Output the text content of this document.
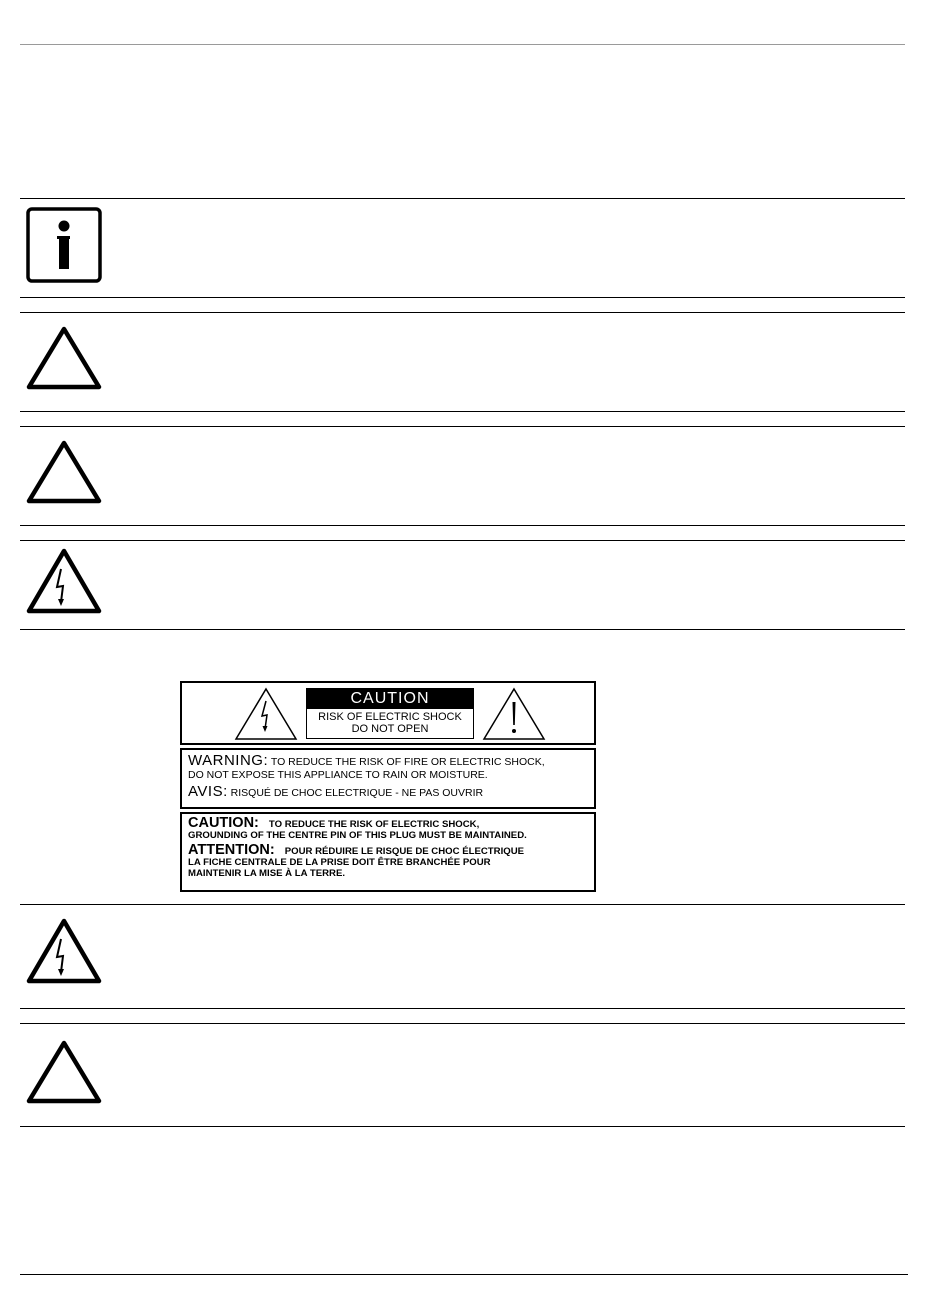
CAUTION
RISK OF ELECTRIC SHOCK
DO NOT OPEN

WARNING: TO REDUCE THE RISK OF FIRE OR ELECTRIC SHOCK,

DO NOT EXPOSE THIS APPLIANCE TO RAIN OR MOISTURE.

AVIS: RISQUÉ DE CHOC ELECTRIQUE - NE PAS OUVRIR

CAUTION: TO REDUCE THE RISK OF ELECTRIC SHOCK,

GROUNDING OF THE CENTRE PIN OF THIS PLUG MUST BE MAINTAINED.

ATTENTION: POUR RÉDUIRE LE RISQUE DE CHOC ÉLECTRIQUE

LA FICHE CENTRALE DE LA PRISE DOIT ÊTRE BRANCHÉE POUR

MAINTENIR LA MISE À LA TERRE.
